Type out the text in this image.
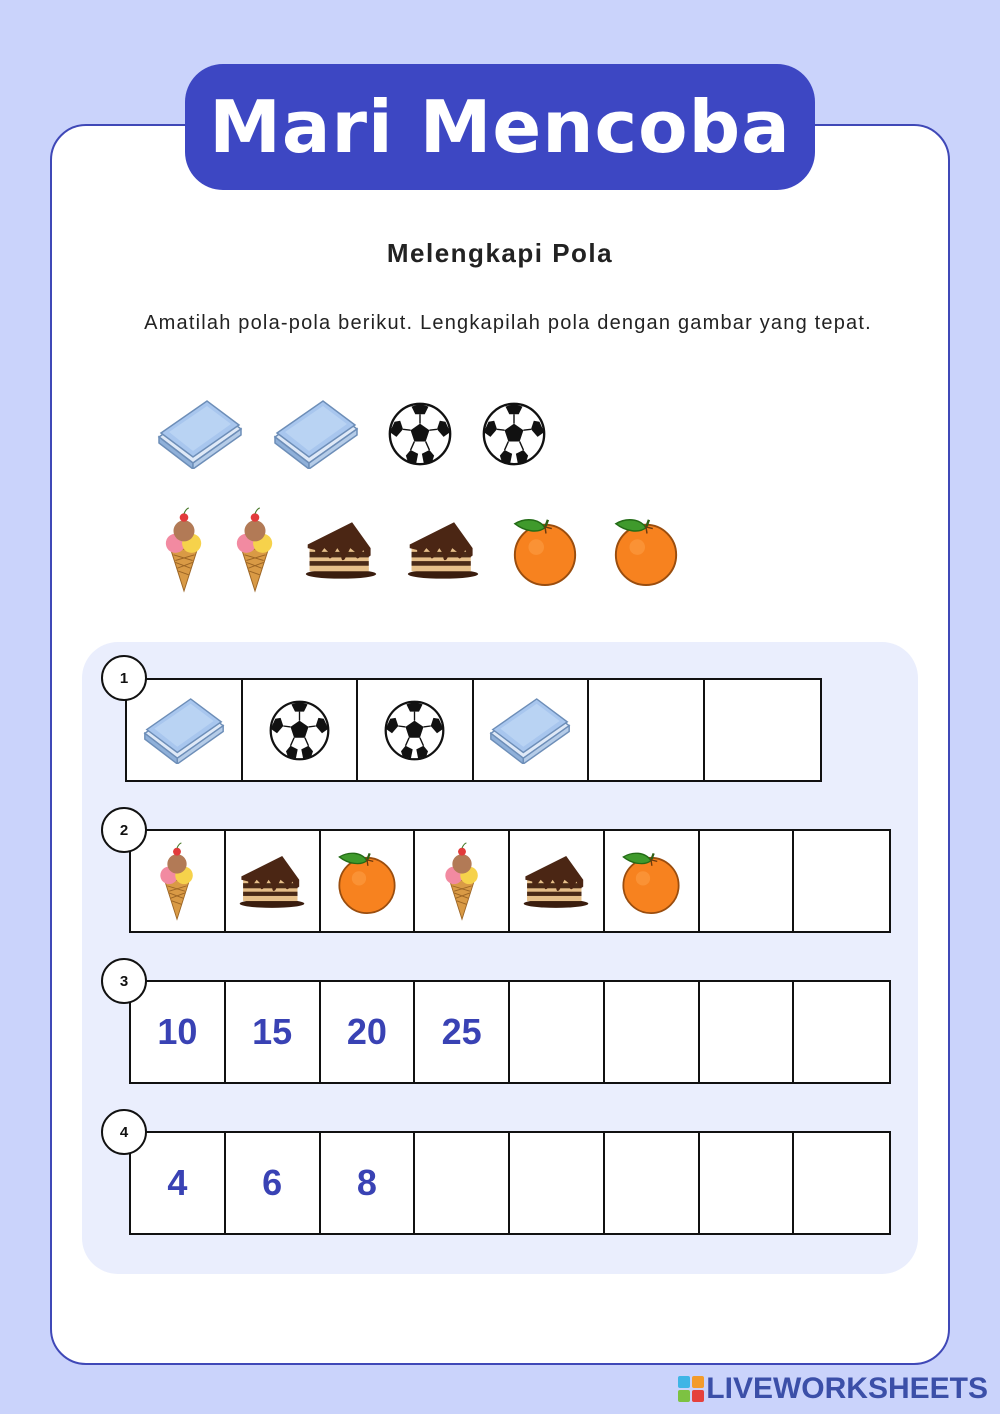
Mari Mencoba
Melengkapi Pola
Amatilah pola-pola berikut. Lengkapilah pola dengan gambar yang tepat.
1
2
10 15 20 25
3
4 6 8
4
LIVEWORKSHEETS
